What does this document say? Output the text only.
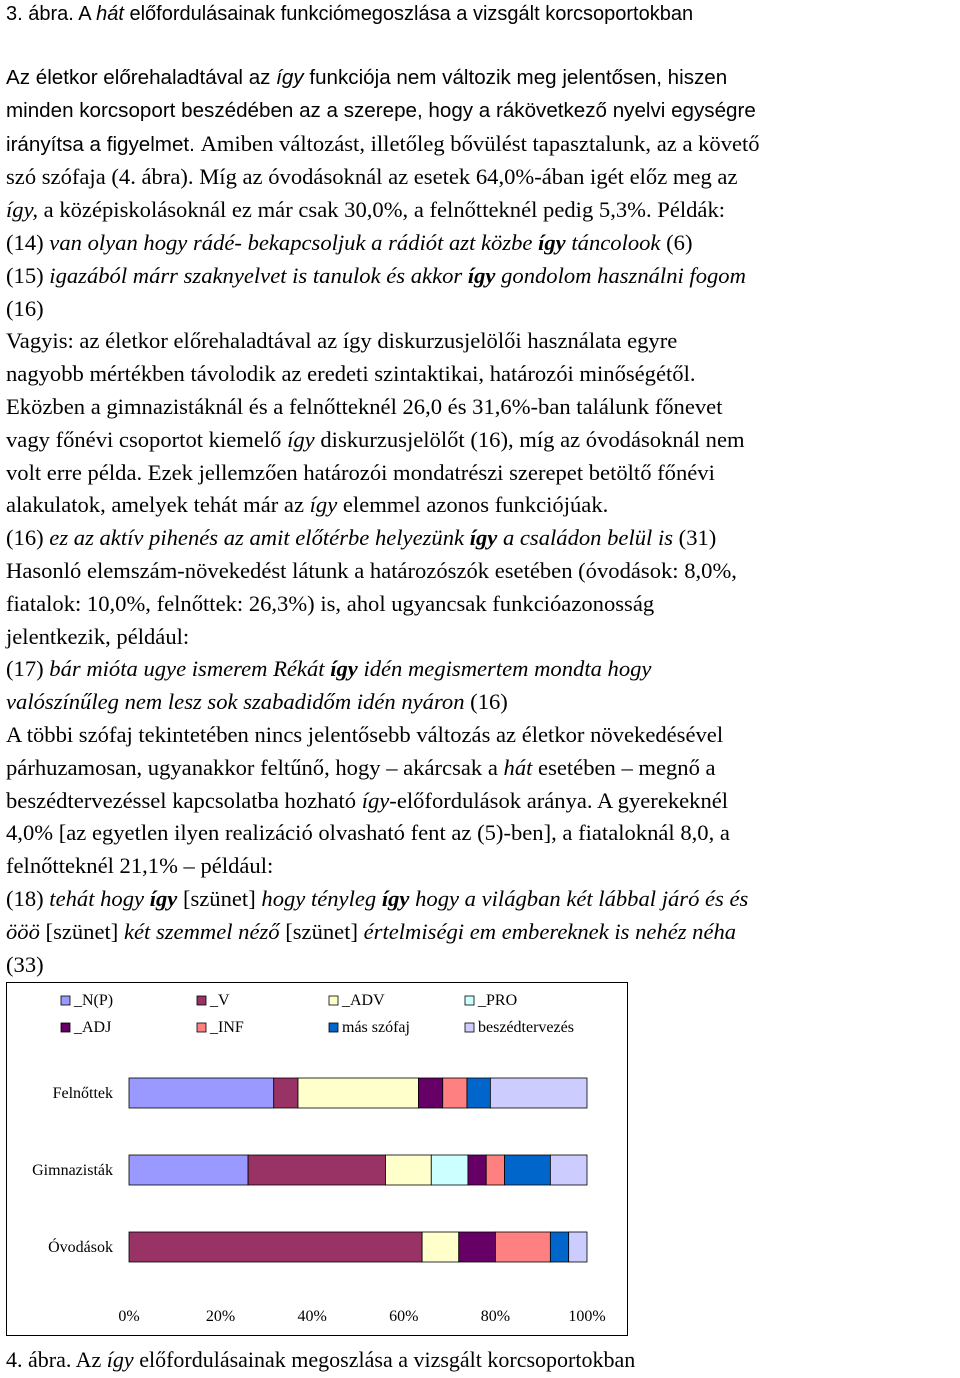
3. ábra. A hát előfordulásainak funkciómegoszlása a vizsgált korcsoportokban
Az életkor előrehaladtával az így funkciója nem változik meg jelentősen, hiszen
minden korcsoport beszédében az a szerepe, hogy a rákövetkező nyelvi egységre
irányítsa a figyelmet. Amiben változást, illetőleg bővülést tapasztalunk, az a követő
szó szófaja (4. ábra). Míg az óvodásoknál az esetek 64,0%-ában igét előz meg az
így, a középiskolásoknál ez már csak 30,0%, a felnőtteknél pedig 5,3%. Példák:
(14) van olyan hogy rádé- bekapcsoljuk a rádiót azt közbe így táncolook (6)
(15) igazából márr szaknyelvet is tanulok és akkor így gondolom használni fogom
(16)
Vagyis: az életkor előrehaladtával az így diskurzusjelölői használata egyre
nagyobb mértékben távolodik az eredeti szintaktikai, határozói minőségétől.
Eközben a gimnazistáknál és a felnőtteknél 26,0 és 31,6%-ban találunk főnevet
vagy főnévi csoportot kiemelő így diskurzusjelölőt (16), míg az óvodásoknál nem
volt erre példa. Ezek jellemzően határozói mondatrészi szerepet betöltő főnévi
alakulatok, amelyek tehát már az így elemmel azonos funkciójúak.
(16) ez az aktív pihenés az amit előtérbe helyezünk így a családon belül is (31)
Hasonló elemszám-növekedést látunk a határozószók esetében (óvodások: 8,0%,
fiatalok: 10,0%, felnőttek: 26,3%) is, ahol ugyancsak funkcióazonosság
jelentkezik, például:
(17) bár mióta ugye ismerem Rékát így idén megismertem mondta hogy
valószínűleg nem lesz sok szabadidőm idén nyáron (16)
A többi szófaj tekintetében nincs jelentősebb változás az életkor növekedésével
párhuzamosan, ugyanakkor feltűnő, hogy – akárcsak a hát esetében – megnő a
beszédtervezéssel kapcsolatba hozható így-előfordulások aránya. A gyerekeknél
4,0% [az egyetlen ilyen realizáció olvasható fent az (5)-ben], a fiataloknál 8,0, a
felnőtteknél 21,1% – például:
(18) tehát hogy így [szünet] hogy tényleg így hogy a világban két lábbal járó és és
ööö [szünet] két szemmel néző [szünet] értelmiségi em embereknek is nehéz néha
(33)
_N(P)	_V	_ADV	_PRO
_ADJ	_INF	más szófaj	beszédtervezés
Felnőttek
Gimnazisták
Óvodások
0%	20%	40%	60%	80%	100%
4. ábra. Az így előfordulásainak megoszlása a vizsgált korcsoportokban
